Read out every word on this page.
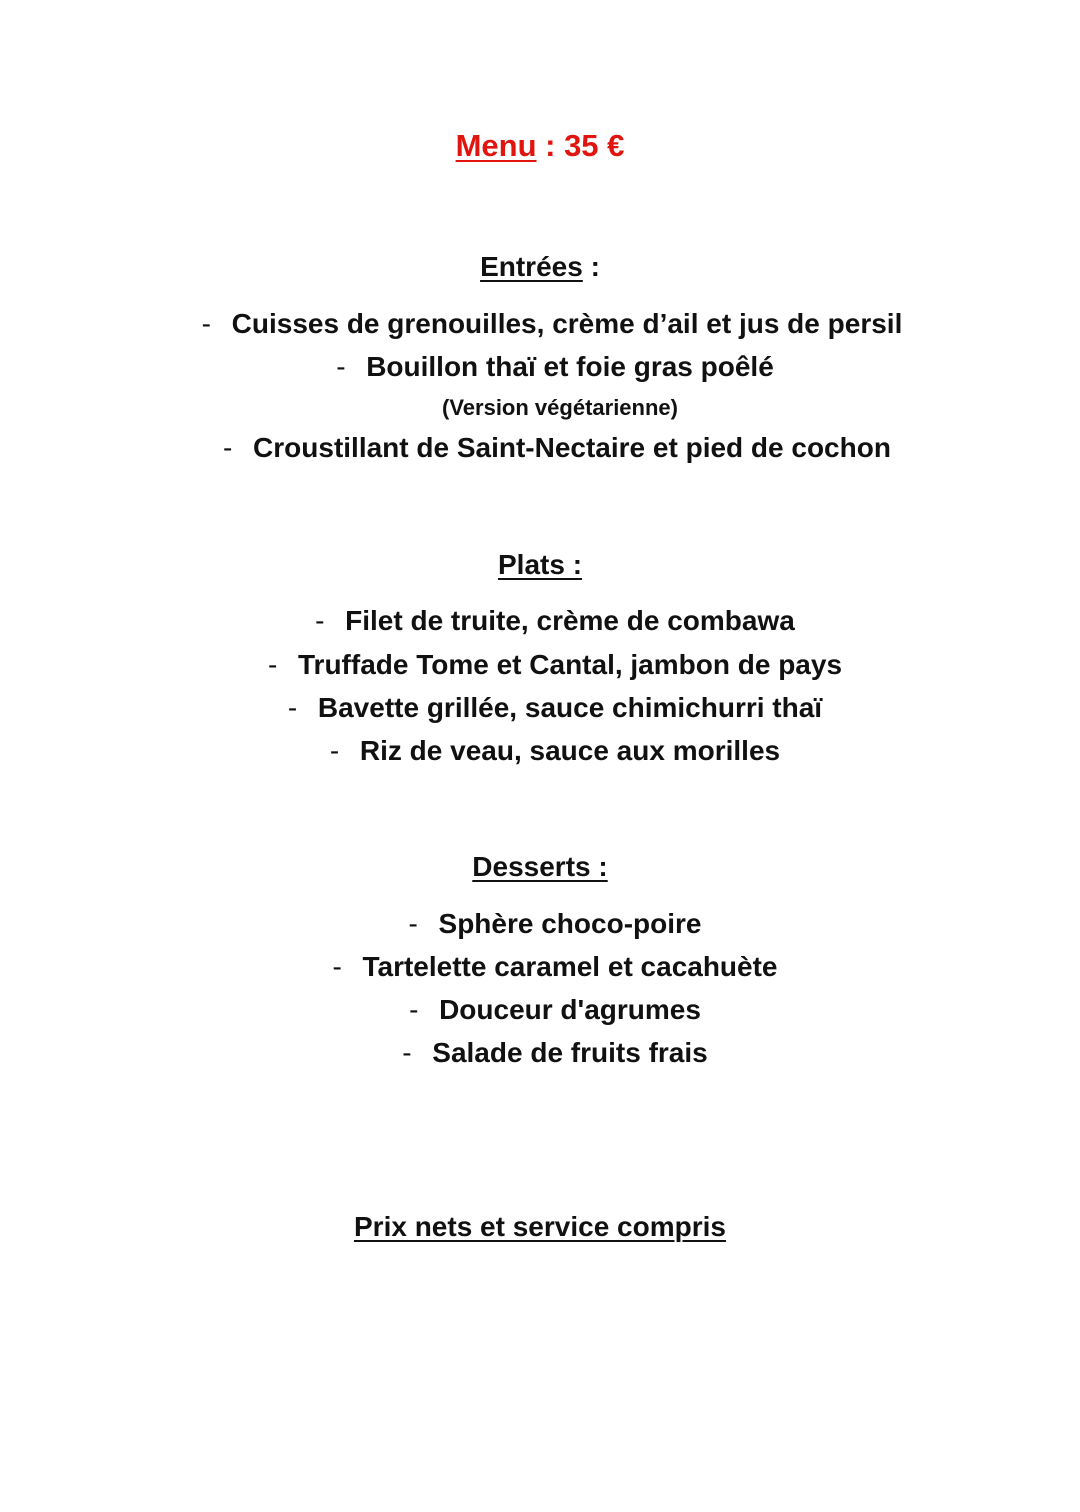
Menu : 35 €
Entrées :
- Cuisses de grenouilles, crème d’ail et jus de persil
- Bouillon thaï et foie gras poêlé
(Version végétarienne)
- Croustillant de Saint-Nectaire et pied de cochon
Plats :
- Filet de truite, crème de combawa
- Truffade Tome et Cantal, jambon de pays
- Bavette grillée, sauce chimichurri thaï
- Riz de veau, sauce aux morilles
Desserts :
- Sphère choco-poire
- Tartelette caramel et cacahuète
- Douceur d'agrumes
- Salade de fruits frais
Prix nets et service compris
